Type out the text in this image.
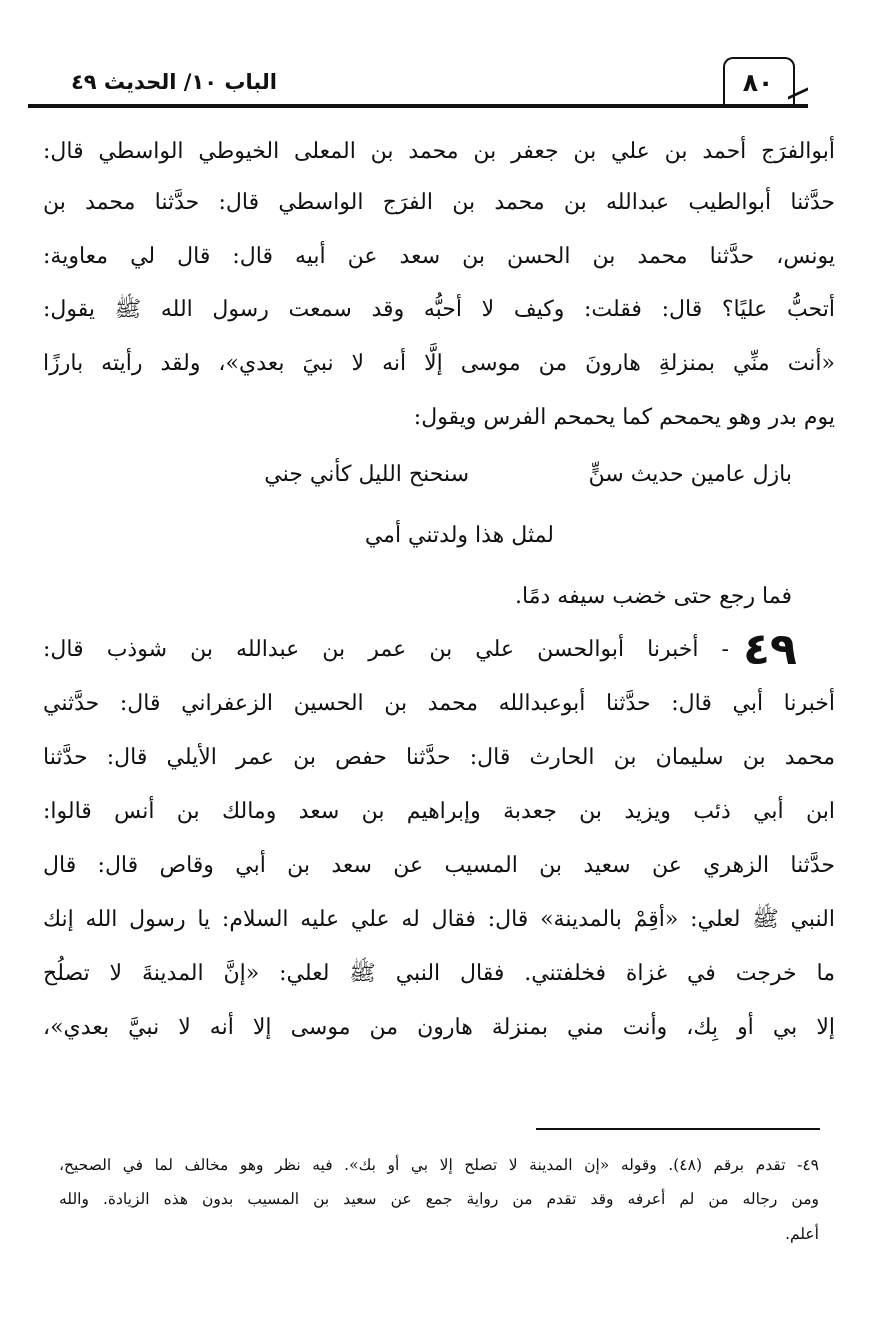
الباب ١٠/ الحديث ٤٩	٨٠
أبوالفرَج أحمد بن علي بن جعفر بن محمد بن المعلى الخيوطي الواسطي قال:
حدَّثنا أبوالطيب عبدالله بن محمد بن الفرَج الواسطي قال: حدَّثنا محمد بن
يونس، حدَّثنا محمد بن الحسن بن سعد عن أبيه قال: قال لي معاوية:
أتحبُّ عليًا؟ قال: فقلت: وكيف لا أحبُّه وقد سمعت رسول الله ﷺ يقول:
«أنت منِّي بمنزلةِ هارونَ من موسى إلَّا أنه لا نبيَ بعدي»، ولقد رأيته بارزًا
يوم بدر وهو يحمحم كما يحمحم الفرس ويقول:
بازل عامين حديث سنٍّ
سنحنح الليل كأني جني
لمثل هذا ولدتني أمي
فما رجع حتى خضب سيفه دمًا.
٤٩
- أخبرنا أبوالحسن علي بن عمر بن عبدالله بن شوذب قال:
أخبرنا أبي قال: حدَّثنا أبوعبدالله محمد بن الحسين الزعفراني قال: حدَّثني
محمد بن سليمان بن الحارث قال: حدَّثنا حفص بن عمر الأيلي قال: حدَّثنا
ابن أبي ذئب ويزيد بن جعدبة وإبراهيم بن سعد ومالك بن أنس قالوا:
حدَّثنا الزهري عن سعيد بن المسيب عن سعد بن أبي وقاص قال: قال
النبي ﷺ لعلي: «أقِمْ بالمدينة» قال: فقال له علي عليه السلام: يا رسول الله إنك
ما خرجت في غزاة فخلفتني. فقال النبي ﷺ لعلي: «إنَّ المدينةَ لا تصلُح
إلا بي أو بِك، وأنت مني بمنزلة هارون من موسى إلا أنه لا نبيَّ بعدي»،
٤٩- تقدم برقم (٤٨). وقوله «إن المدينة لا تصلح إلا بي أو بك». فيه نظر وهو مخالف لما في الصحيح،
ومن رجاله من لم أعرفه وقد تقدم من رواية جمع عن سعيد بن المسيب بدون هذه الزيادة. والله
أعلم.
